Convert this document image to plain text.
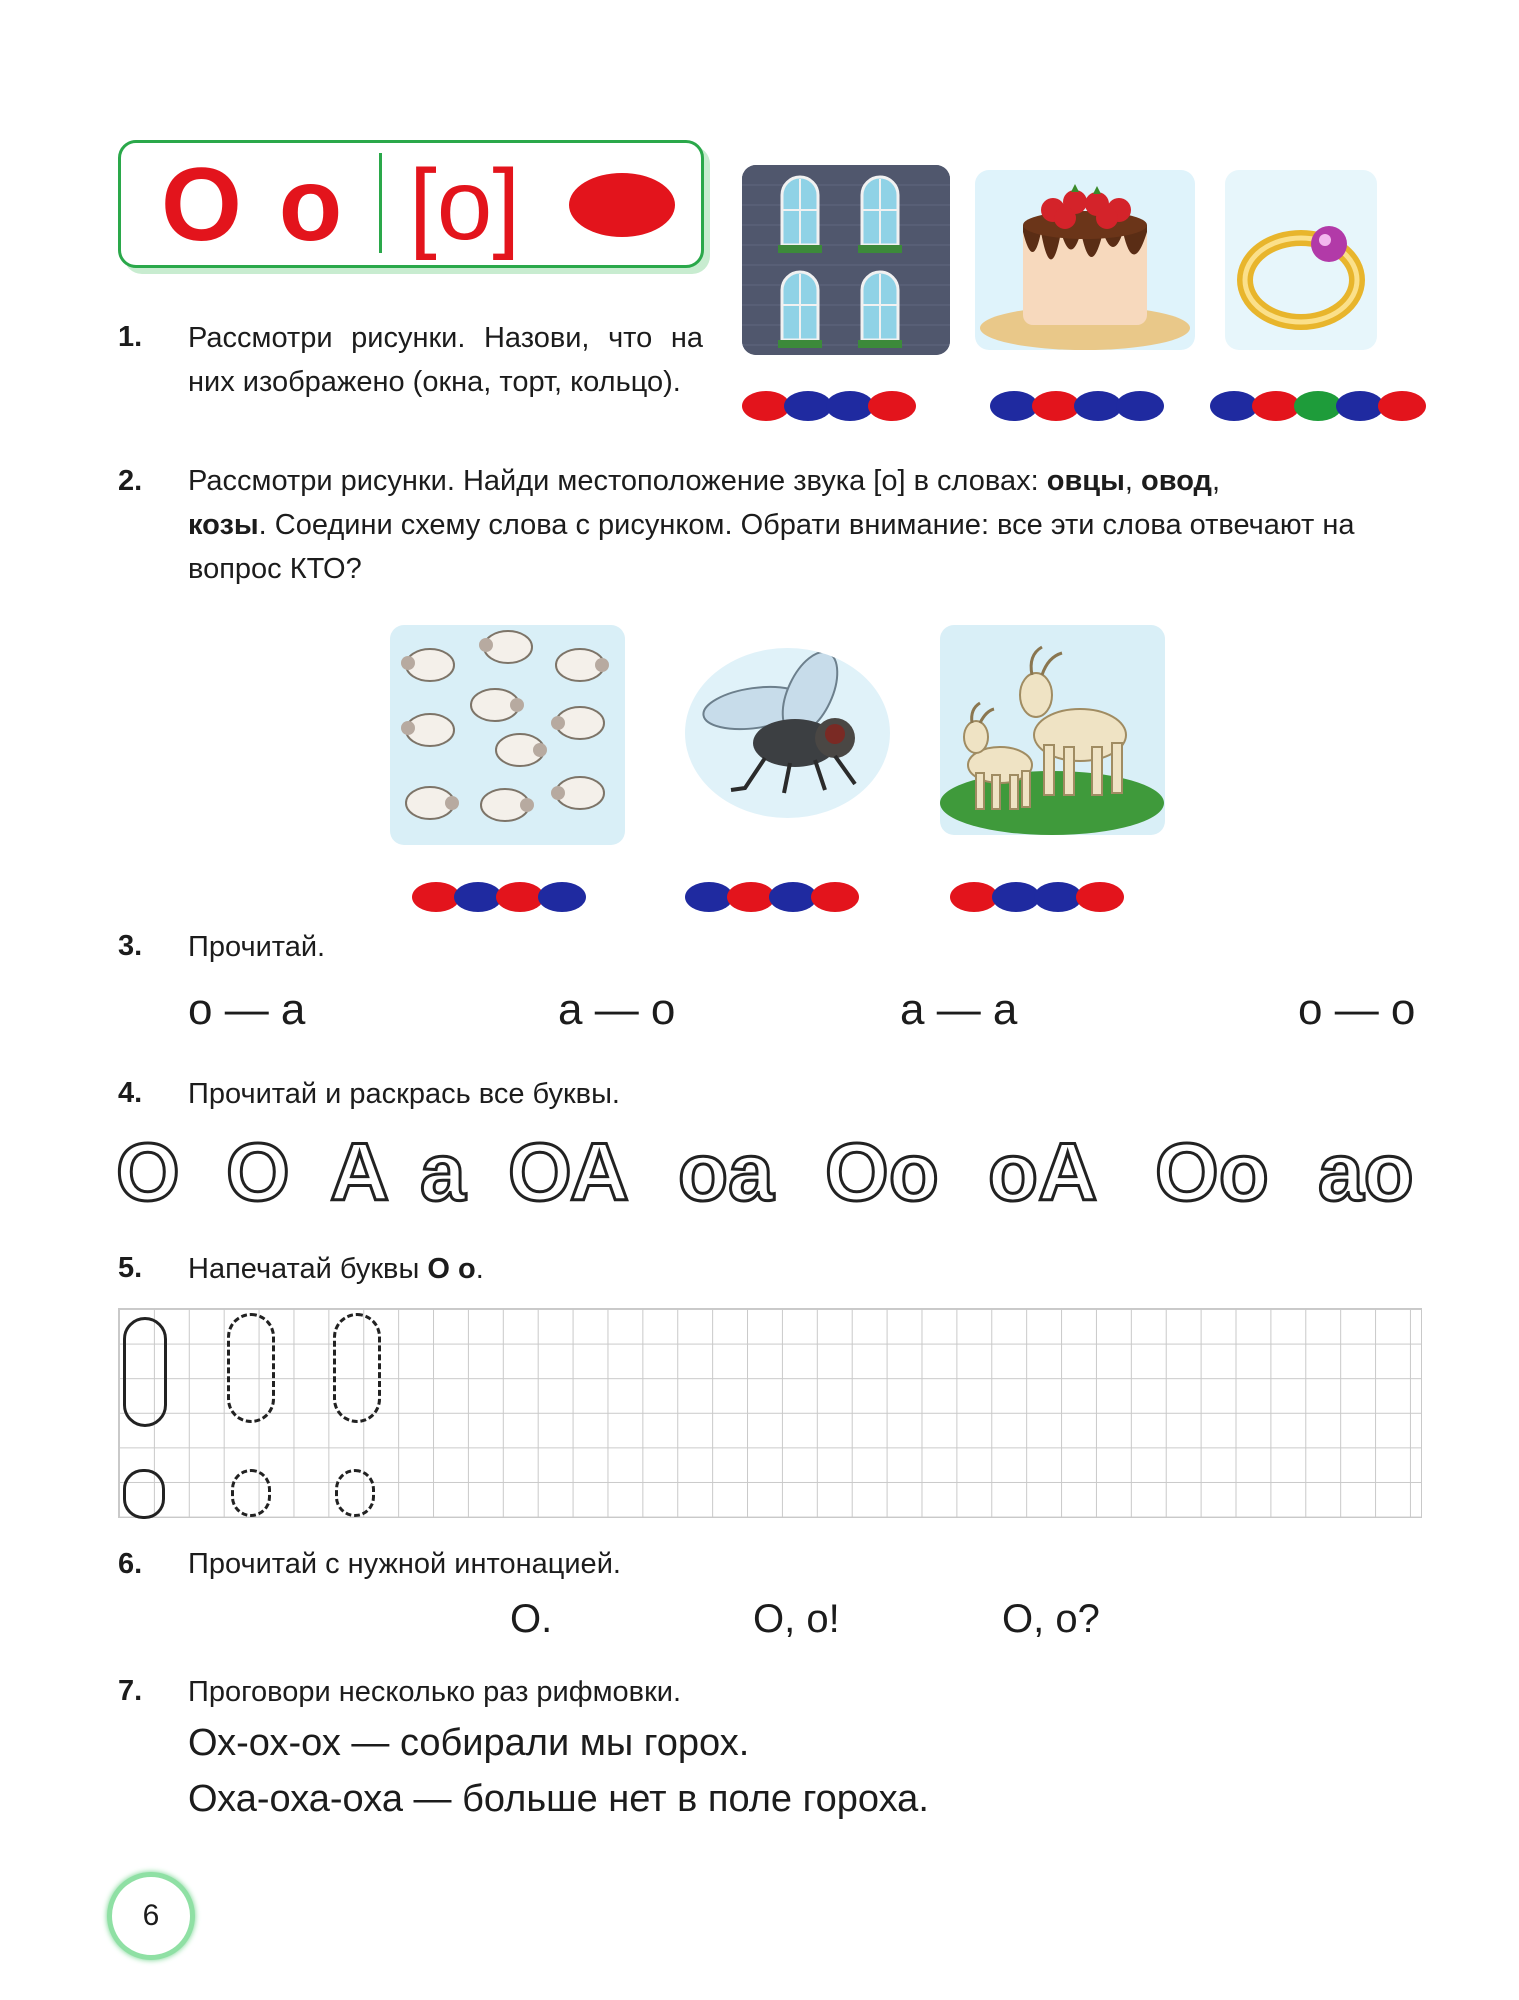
О о [о]
1. Рассмотри рисунки. Назови, что на них изображено (окна, торт, кольцо).
2. Рассмотри рисунки. Найди местоположение звука [о] в словах: овцы, овод,
козы. Соедини схему слова с рисунком. Обрати внимание: все эти слова отвечают на вопрос КТО?
3. Прочитай.
о — а	а — о	а — а	о — о
4. Прочитай и раскрась все буквы.
О О А а ОА оа Оо оА Оо ао
5. Напечатай буквы О о.
6. Прочитай с нужной интонацией.
О.	О, о!	О, о?
7. Проговори несколько раз рифмовки.
Ох-ох-ох — собирали мы горох.
Оха-оха-оха — больше нет в поле гороха.
6
